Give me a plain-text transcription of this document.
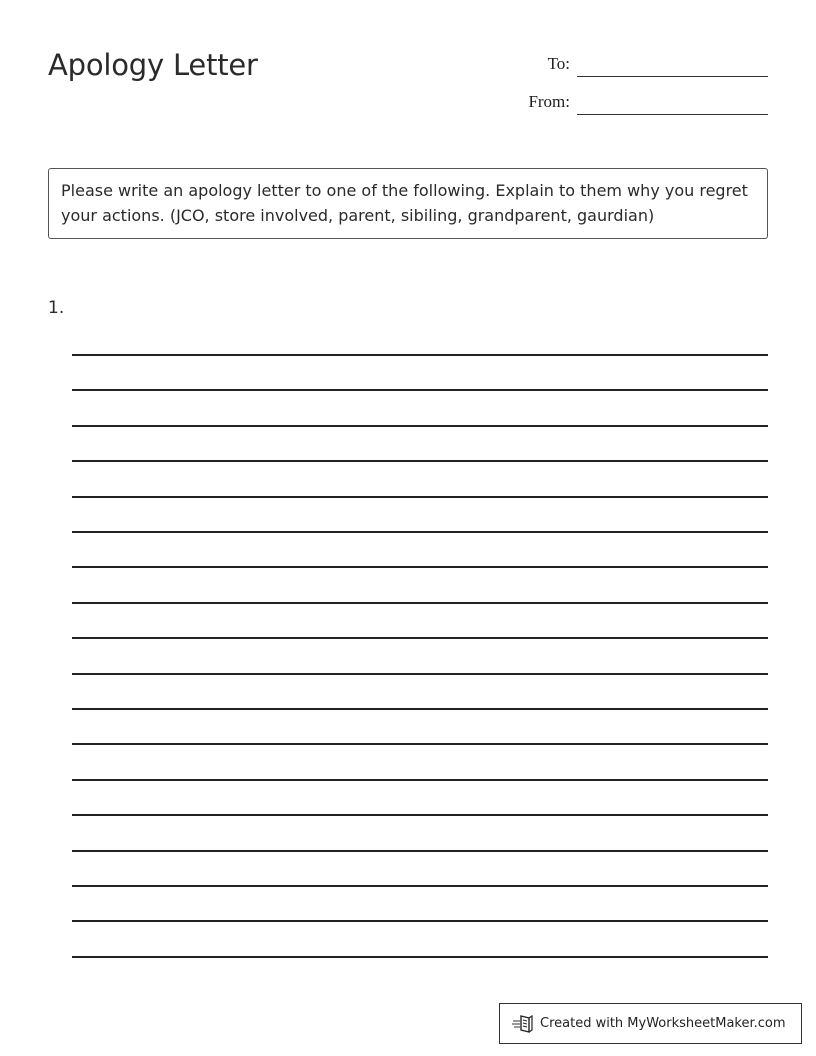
Apology Letter	To:
From:
Please write an apology letter to one of the following. Explain to them why you regret your actions. (JCO, store involved, parent, sibiling, grandparent, gaurdian)
1.
Created with MyWorksheetMaker.com
